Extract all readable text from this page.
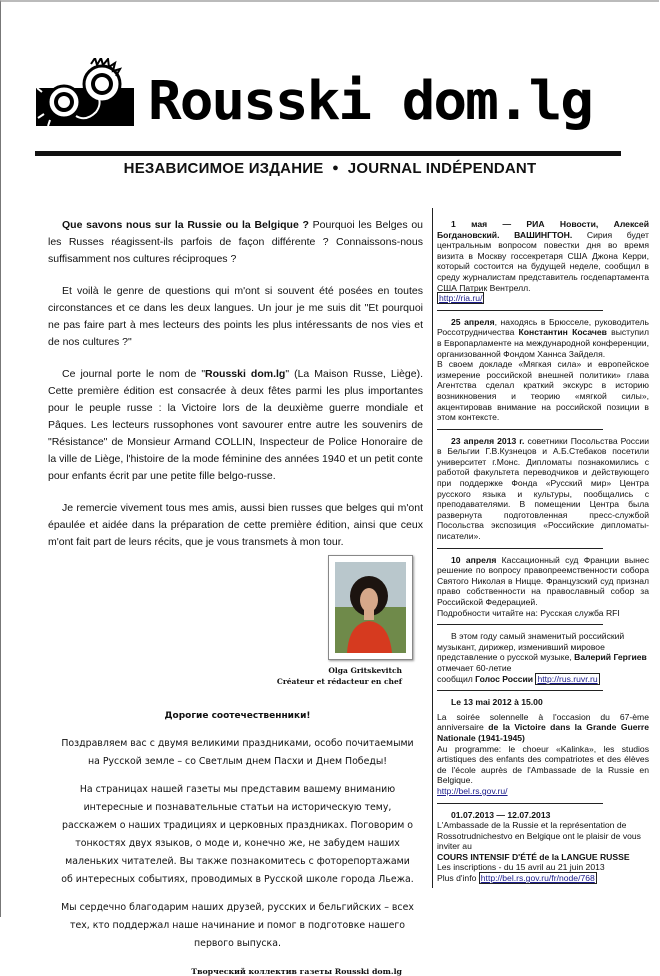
Rousski dom.lg
НЕЗАВИСИМОЕ ИЗДАНИЕ ● JOURNAL INDÉPENDANT

Que savons nous sur la Russie ou la Belgique ? Pourquoi les Belges ou les Russes réagissent-ils parfois de façon différente ? Connaissons-nous suffisamment nos cultures réciproques ?

Et voilà le genre de questions qui m'ont si souvent été posées en toutes circonstances et ce dans les deux langues. Un jour je me suis dit "Et pourquoi ne pas faire part à mes lecteurs des points les plus intéressants de nos vies et de nos cultures ?"

Ce journal porte le nom de "Rousski dom.lg" (La Maison Russe, Liège). Cette première édition est consacrée à deux fêtes parmi les plus importantes pour le peuple russe : la Victoire lors de la deuxième guerre mondiale et Pâques. Les lecteurs russophones vont savourer entre autre les souvenirs de "Résistance" de Monsieur Armand COLLIN, Inspecteur de Police Honoraire de la ville de Liège, l'histoire de la mode féminine des années 1940 et un petit conte pour enfants écrit par une petite fille belgo-russe.

Je remercie vivement tous mes amis, aussi bien russes que belges qui m'ont épaulée et aidée dans la préparation de cette première édition, ainsi que ceux m'ont fait part de leurs récits, que je vous transmets à mon tour.

Olga Gritskevitch
Créateur et rédacteur en chef

Дорогие соотечественники!

Поздравляем вас с двумя великими праздниками, особо почитаемыми на Русской земле – со Светлым днем Пасхи и Днем Победы!

На страницах нашей газеты мы представим вашему вниманию интересные и познавательные статьи на историческую тему, расскажем о наших традициях и церковных праздниках. Поговорим о тонкостях двух языков, о моде и, конечно же, не забудем наших маленьких читателей. Вы также познакомитесь с фоторепортажами об интересных событиях, проводимых в Русской школе города Льежа.

Мы сердечно благодарим наших друзей, русских и бельгийских – всех тех, кто поддержал наше начинание и помог в подготовке нашего первого выпуска.

Творческий коллектив газеты Rousski dom.lg

1 мая — РИА Новости, Алексей Богдановский. ВАШИНГТОН. Сирия будет центральным вопросом повестки дня во время визита в Москву госсекретаря США Джона Керри, который состоится на будущей неделе, сообщил в среду журналистам представитель госдепартамента США Патрик Вентрелл.

http://ria.ru/

25 апреля, находясь в Брюсселе, руководитель Россотрудничества Константин Косачев выступил в Европарламенте на международной конференции, организованной Фондом Ханнса Зайделя.

В своем докладе «Мягкая сила» и европейское измерение российской внешней политики» глава Агентства сделал краткий экскурс в историю возникновения и теорию «мягкой силы», акцентировав внимание на российской позиции в этом контексте.

23 апреля 2013 г. советники Посольства России в Бельгии Г.В.Кузнецов и А.Б.Стебаков посетили университет г.Монс. Дипломаты познакомились с работой факультета переводчиков и действующего при поддержке Фонда «Русский мир» Центра русского языка и культуры, пообщались с преподавателями. В помещении Центра была развернута подготовленная пресс-службой Посольства экспозиция «Российские дипломаты-писатели».

10 апреля Кассационный суд Франции вынес решение по вопросу правопреемственности собора Святого Николая в Ницце. Французский суд признал право собственности на православный собор за Российской Федерацией.

Подробности читайте на: Русская служба RFI

В этом году самый знаменитый российский музыкант, дирижер, изменивший мировое представление о русской музыке, Валерий Гергиев отмечает 60-летие

сообщил Голос России http://rus.ruvr.ru

Le 13 mai 2012 à 15.00

La soirée solennelle à l'occasion du 67-ème anniversaire de la Victoire dans la Grande Guerre Nationale (1941-1945)

Au programme: le choeur «Kalinka», les studios artistiques des enfants des compatriotes et des élèves de l'école auprès de l'Ambassade de la Russie en Belgique.

http://bel.rs.gov.ru/

01.07.2013 — 12.07.2013

L'Ambassade de la Russie et la représentation de Rossotrudnichestvo en Belgique ont le plaisir de vous inviter au

COURS INTENSIF D'ÉTÉ de la LANGUE RUSSE

Les inscriptions - du 15 avril au 21 juin 2013

Plus d'info http://bel.rs.gov.ru/fr/node/768
